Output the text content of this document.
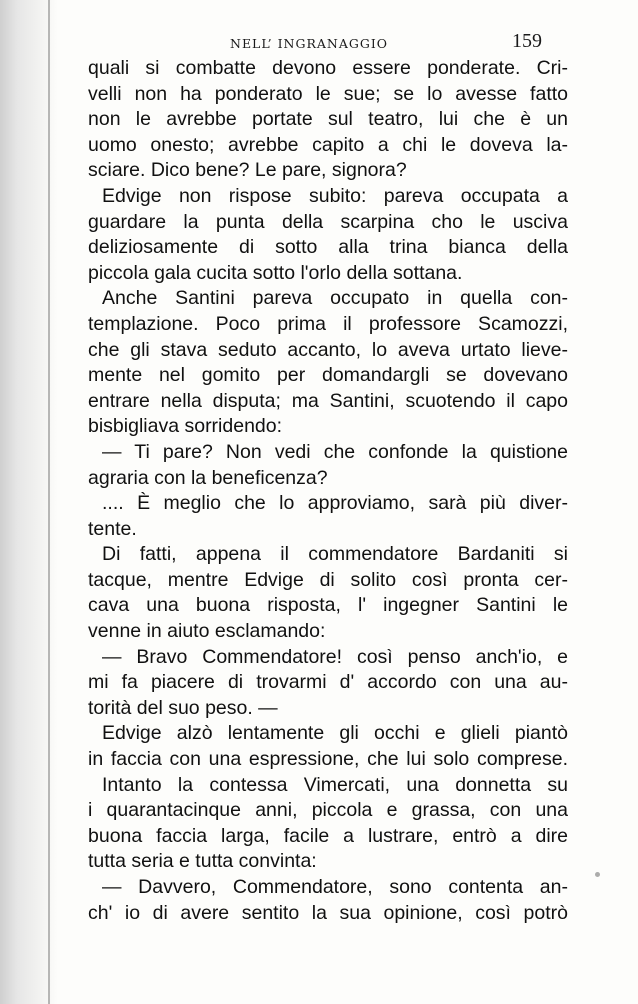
NELL’ INGRANAGGIO	159
quali si combatte devono essere ponderate. Cri-
velli non ha ponderato le sue; se lo avesse fatto
non le avrebbe portate sul teatro, lui che è un
uomo onesto; avrebbe capito a chi le doveva la-
sciare. Dico bene? Le pare, signora?
Edvige non rispose subito: pareva occupata a
guardare la punta della scarpina cho le usciva
deliziosamente di sotto alla trina bianca della
piccola gala cucita sotto l'orlo della sottana.
Anche Santini pareva occupato in quella con-
templazione. Poco prima il professore Scamozzi,
che gli stava seduto accanto, lo aveva urtato lieve-
mente nel gomito per domandargli se dovevano
entrare nella disputa; ma Santini, scuotendo il capo
bisbigliava sorridendo:
— Ti pare? Non vedi che confonde la quistione
agraria con la beneficenza?
.... È meglio che lo approviamo, sarà più diver-
tente.
Di fatti, appena il commendatore Bardaniti si
tacque, mentre Edvige di solito così pronta cer-
cava una buona risposta, l' ingegner Santini le
venne in aiuto esclamando:
— Bravo Commendatore! così penso anch'io, e
mi fa piacere di trovarmi d' accordo con una au-
torità del suo peso. —
Edvige alzò lentamente gli occhi e glieli piantò
in faccia con una espressione, che lui solo comprese.
Intanto la contessa Vimercati, una donnetta su
i quarantacinque anni, piccola e grassa, con una
buona faccia larga, facile a lustrare, entrò a dire
tutta seria e tutta convinta:
— Davvero, Commendatore, sono contenta an-
ch' io di avere sentito la sua opinione, così potrò
